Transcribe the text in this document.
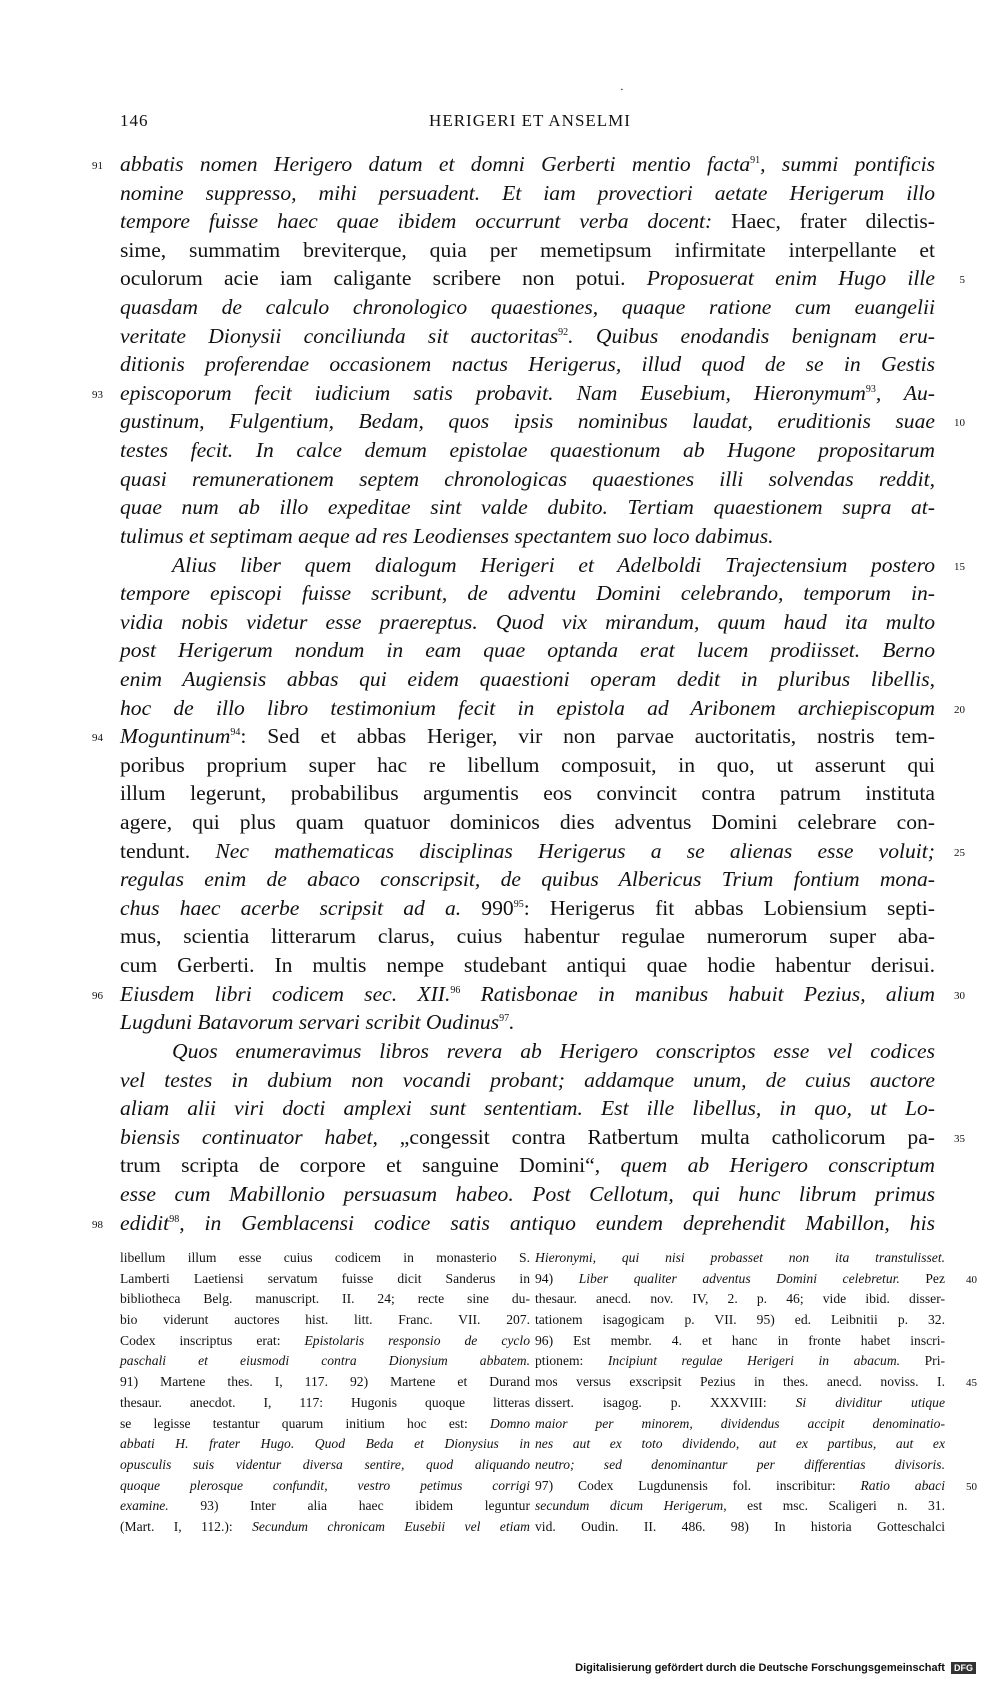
▪
146	HERIGERI ET ANSELMI
91 abbatis nomen Herigero datum et domni Gerberti mentio facta$^{91}$, summi pontificis
nomine suppresso, mihi persuadent. Et iam provectiori aetate Herigerum illo
tempore fuisse haec quae ibidem occurrunt verba docent: Haec, frater dilectis-
sime, summatim breviterque, quia per memetipsum infirmitate interpellante et
oculorum acie iam caligante scribere non potui. Proposuerat enim Hugo ille 5
quasdam de calculo chronologico quaestiones, quaque ratione cum euangelii
veritate Dionysii conciliunda sit auctoritas$^{92}$. Quibus enodandis benignam eru-
ditionis proferendae occasionem nactus Herigerus, illud quod de se in Gestis
93 episcoporum fecit iudicium satis probavit. Nam Eusebium, Hieronymum$^{93}$, Au-
gustinum, Fulgentium, Bedam, quos ipsis nominibus laudat, eruditionis suae 10
testes fecit. In calce demum epistolae quaestionum ab Hugone propositarum
quasi remunerationem septem chronologicas quaestiones illi solvendas reddit,
quae num ab illo expeditae sint valde dubito. Tertiam quaestionem supra at-
tulimus et septimam aeque ad res Leodienses spectantem suo loco dabimus.
Alius liber quem dialogum Herigeri et Adelboldi Trajectensium postero 15
tempore episcopi fuisse scribunt, de adventu Domini celebrando, temporum in-
vidia nobis videtur esse praereptus. Quod vix mirandum, quum haud ita multo
post Herigerum nondum in eam quae optanda erat lucem prodiisset. Berno
enim Augiensis abbas qui eidem quaestioni operam dedit in pluribus libellis,
hoc de illo libro testimonium fecit in epistola ad Aribonem archiepiscopum 20
94 Moguntinum$^{94}$: Sed et abbas Heriger, vir non parvae auctoritatis, nostris tem-
poribus proprium super hac re libellum composuit, in quo, ut asserunt qui
illum legerunt, probabilibus argumentis eos convincit contra patrum instituta
agere, qui plus quam quatuor dominicos dies adventus Domini celebrare con-
tendunt. Nec mathematicas disciplinas Herigerus a se alienas esse voluit; 25
regulas enim de abaco conscripsit, de quibus Albericus Trium fontium mona-
chus haec acerbe scripsit ad a. $990^{95}$: Herigerus fit abbas Lobiensium septi-
mus, scientia litterarum clarus, cuius habentur regulae numerorum super aba-
cum Gerberti. In multis nempe studebant antiqui quae hodie habentur derisui.
96 Eiusdem libri codicem sec. XII.$^{96}$ Ratisbonae in manibus habuit Pezius, alium 30
Lugduni Batavorum servari scribit Oudinus$^{97}$.
Quos enumeravimus libros revera ab Herigero conscriptos esse vel codices
vel testes in dubium non vocandi probant; addamque unum, de cuius auctore
aliam alii viri docti amplexi sunt sententiam. Est ille libellus, in quo, ut Lo-
biensis continuator habet, „congessit contra Ratbertum multa catholicorum pa- 35
trum scripta de corpore et sanguine Domini“, quem ab Herigero conscriptum
esse cum Mabillonio persuasum habeo. Post Cellotum, qui hunc librum primus
98 edidit$^{98}$, in Gemblacensi codice satis antiquo eundem deprehendit Mabillon, his
libellum illum esse cuius codicem in monasterio S.
Lamberti Laetiensi servatum fuisse dicit Sanderus in
bibliotheca Belg. manuscript. II. 24; recte sine du-
bio viderunt auctores hist. litt. Franc. VII. 207.
Codex inscriptus erat: Epistolaris responsio de cyclo
paschali et eiusmodi contra Dionysium abbatem.
91) Martene thes. I, 117. 92) Martene et Durand
thesaur. anecdot. I, 117: Hugonis quoque litteras
se legisse testantur quarum initium hoc est: Domno
abbati H. frater Hugo. Quod Beda et Dionysius in
opusculis suis videntur diversa sentire, quod aliquando
quoque plerosque confundit, vestro petimus corrigi
examine. 93) Inter alia haec ibidem leguntur
(Mart. I, 112.): Secundum chronicam Eusebii vel etiam
Hieronymi, qui nisi probasset non ita transtulisset.
94) Liber qualiter adventus Domini celebretur. Pez 40
thesaur. anecd. nov. IV, 2. p. 46; vide ibid. disser-
tationem isagogicam p. VII. 95) ed. Leibnitii p. 32.
96) Est membr. 4. et hanc in fronte habet inscri-
ptionem: Incipiunt regulae Herigeri in abacum. Pri-
mos versus exscripsit Pezius in thes. anecd. noviss. I. 45
dissert. isagog. p. XXXVIII: Si dividitur utique
maior per minorem, dividendus accipit denominatio-
nes aut ex toto dividendo, aut ex partibus, aut ex
neutro; sed denominantur per differentias divisoris.
97) Codex Lugdunensis fol. inscribitur: Ratio abaci 50
secundum dicum Herigerum, est msc. Scaligeri n. 31.
vid. Oudin. II. 486. 98) In historia Gotteschalci
Digitalisierung gefördert durch die Deutsche Forschungsgemeinschaft DFG
